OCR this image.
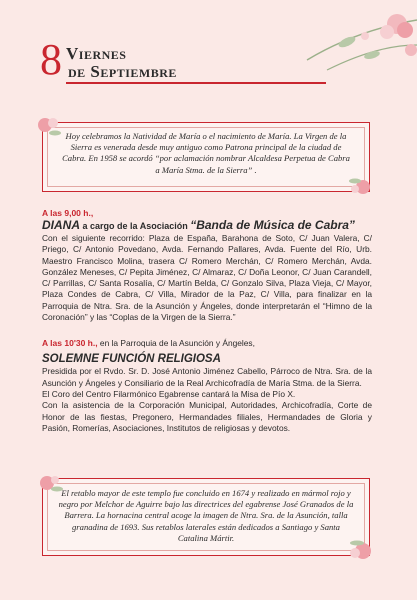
8 Viernes
de Septiembre

Hoy celebramos la Natividad de María o el nacimiento de María. La Virgen de la Sierra es venerada desde muy antiguo como Patrona principal de la ciudad de Cabra. En 1958 se acordó “por aclamación nombrar Alcaldesa Perpetua de Cabra a María Stma. de la Sierra” .

A las 9,00 h.,
DIANA a cargo de la Asociación “Banda de Música de Cabra”

Con el siguiente recorrido: Plaza de España, Barahona de Soto, C/ Juan Valera, C/ Priego, C/ Antonio Povedano, Avda. Fernando Pallares, Avda. Fuente del Río, Urb. Maestro Francisco Molina, trasera C/ Romero Merchán, C/ Romero Merchán, Avda. González Meneses, C/ Pepita Jiménez, C/ Almaraz, C/ Doña Leonor, C/ Juan Carandell, C/ Parrillas, C/ Santa Rosalía, C/ Martín Belda, C/ Gonzalo Silva, Plaza Vieja, C/ Mayor, Plaza Condes de Cabra, C/ Villa, Mirador de la Paz, C/ Villa, para finalizar en la Parroquia de Ntra. Sra. de la Asunción y Ángeles, donde interpretarán el “Himno de la Coronación” y las “Coplas de la Virgen de la Sierra.”

A las 10'30 h., en la Parroquia de la Asunción y Ángeles,
SOLEMNE FUNCIÓN RELIGIOSA

Presidida por el Rvdo. Sr. D. José Antonio Jiménez Cabello, Párroco de Ntra. Sra. de la Asunción y Ángeles y Consiliario de la Real Archicofradía de María Stma. de la Sierra.

El Coro del Centro Filarmónico Egabrense cantará la Misa de Pío X.

Con la asistencia de la Corporación Municipal, Autoridades, Archicofradía, Corte de Honor de las fiestas, Pregonero, Hermandades filiales, Hermandades de Gloria y Pasión, Romerías, Asociaciones, Institutos de religiosas y devotos.

El retablo mayor de este templo fue concluido en 1674 y realizado en mármol rojo y negro por Melchor de Aguirre bajo las directrices del egabrense José Granados de la Barrera. La hornacina central acoge la imagen de Ntra. Sra. de la Asunción, talla granadina de 1693. Sus retablos laterales están dedicados a Santiago y Santa Catalina Mártir.
